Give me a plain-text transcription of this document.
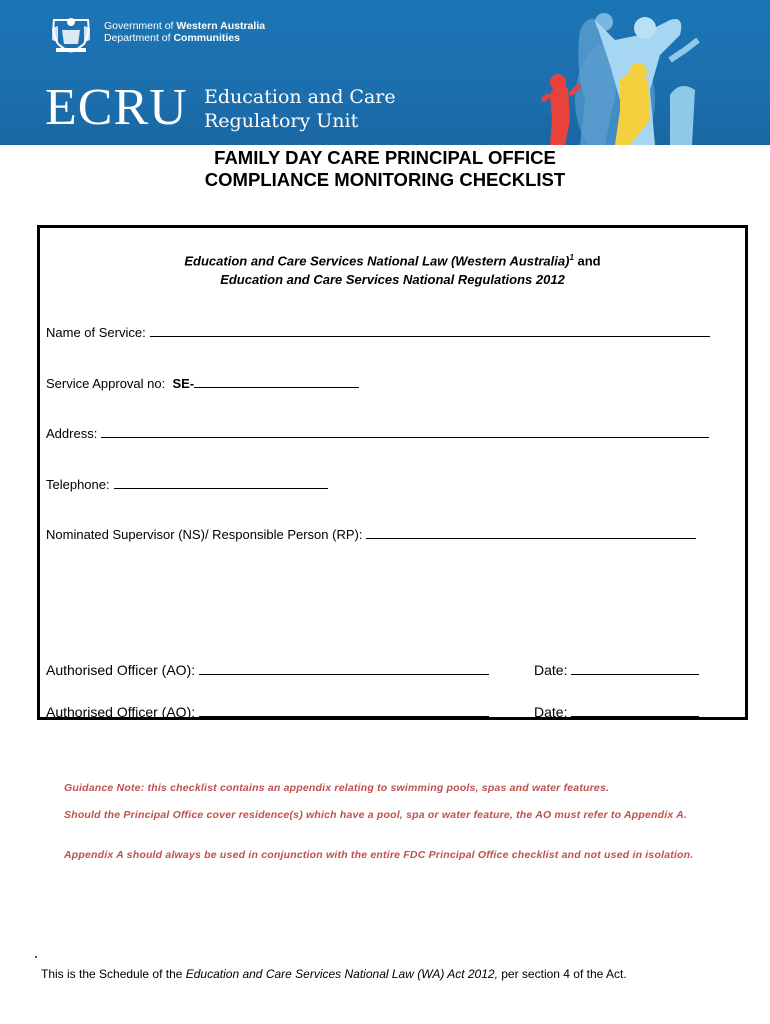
Government of Western Australia
Department of Communities
ECRU Education and Care
Regulatory Unit
FAMILY DAY CARE PRINCIPAL OFFICE
COMPLIANCE MONITORING CHECKLIST
Education and Care Services National Law (Western Australia)$^1$ and
Education and Care Services National Regulations 2012
Name of Service:
Service Approval no: SE-
Address:
Telephone:
Nominated Supervisor (NS)/ Responsible Person (RP):
Authorised Officer (AO):	Date:
Authorised Officer (AO):	Date:
Guidance Note: this checklist contains an appendix relating to swimming pools, spas and water features.
Should the Principal Office cover residence(s) which have a pool, spa or water feature, the AO must refer to Appendix A.
Appendix A should always be used in conjunction with the entire FDC Principal Office checklist and not used in isolation.
This is the Schedule of the Education and Care Services National Law (WA) Act 2012, per section 4 of the Act.
